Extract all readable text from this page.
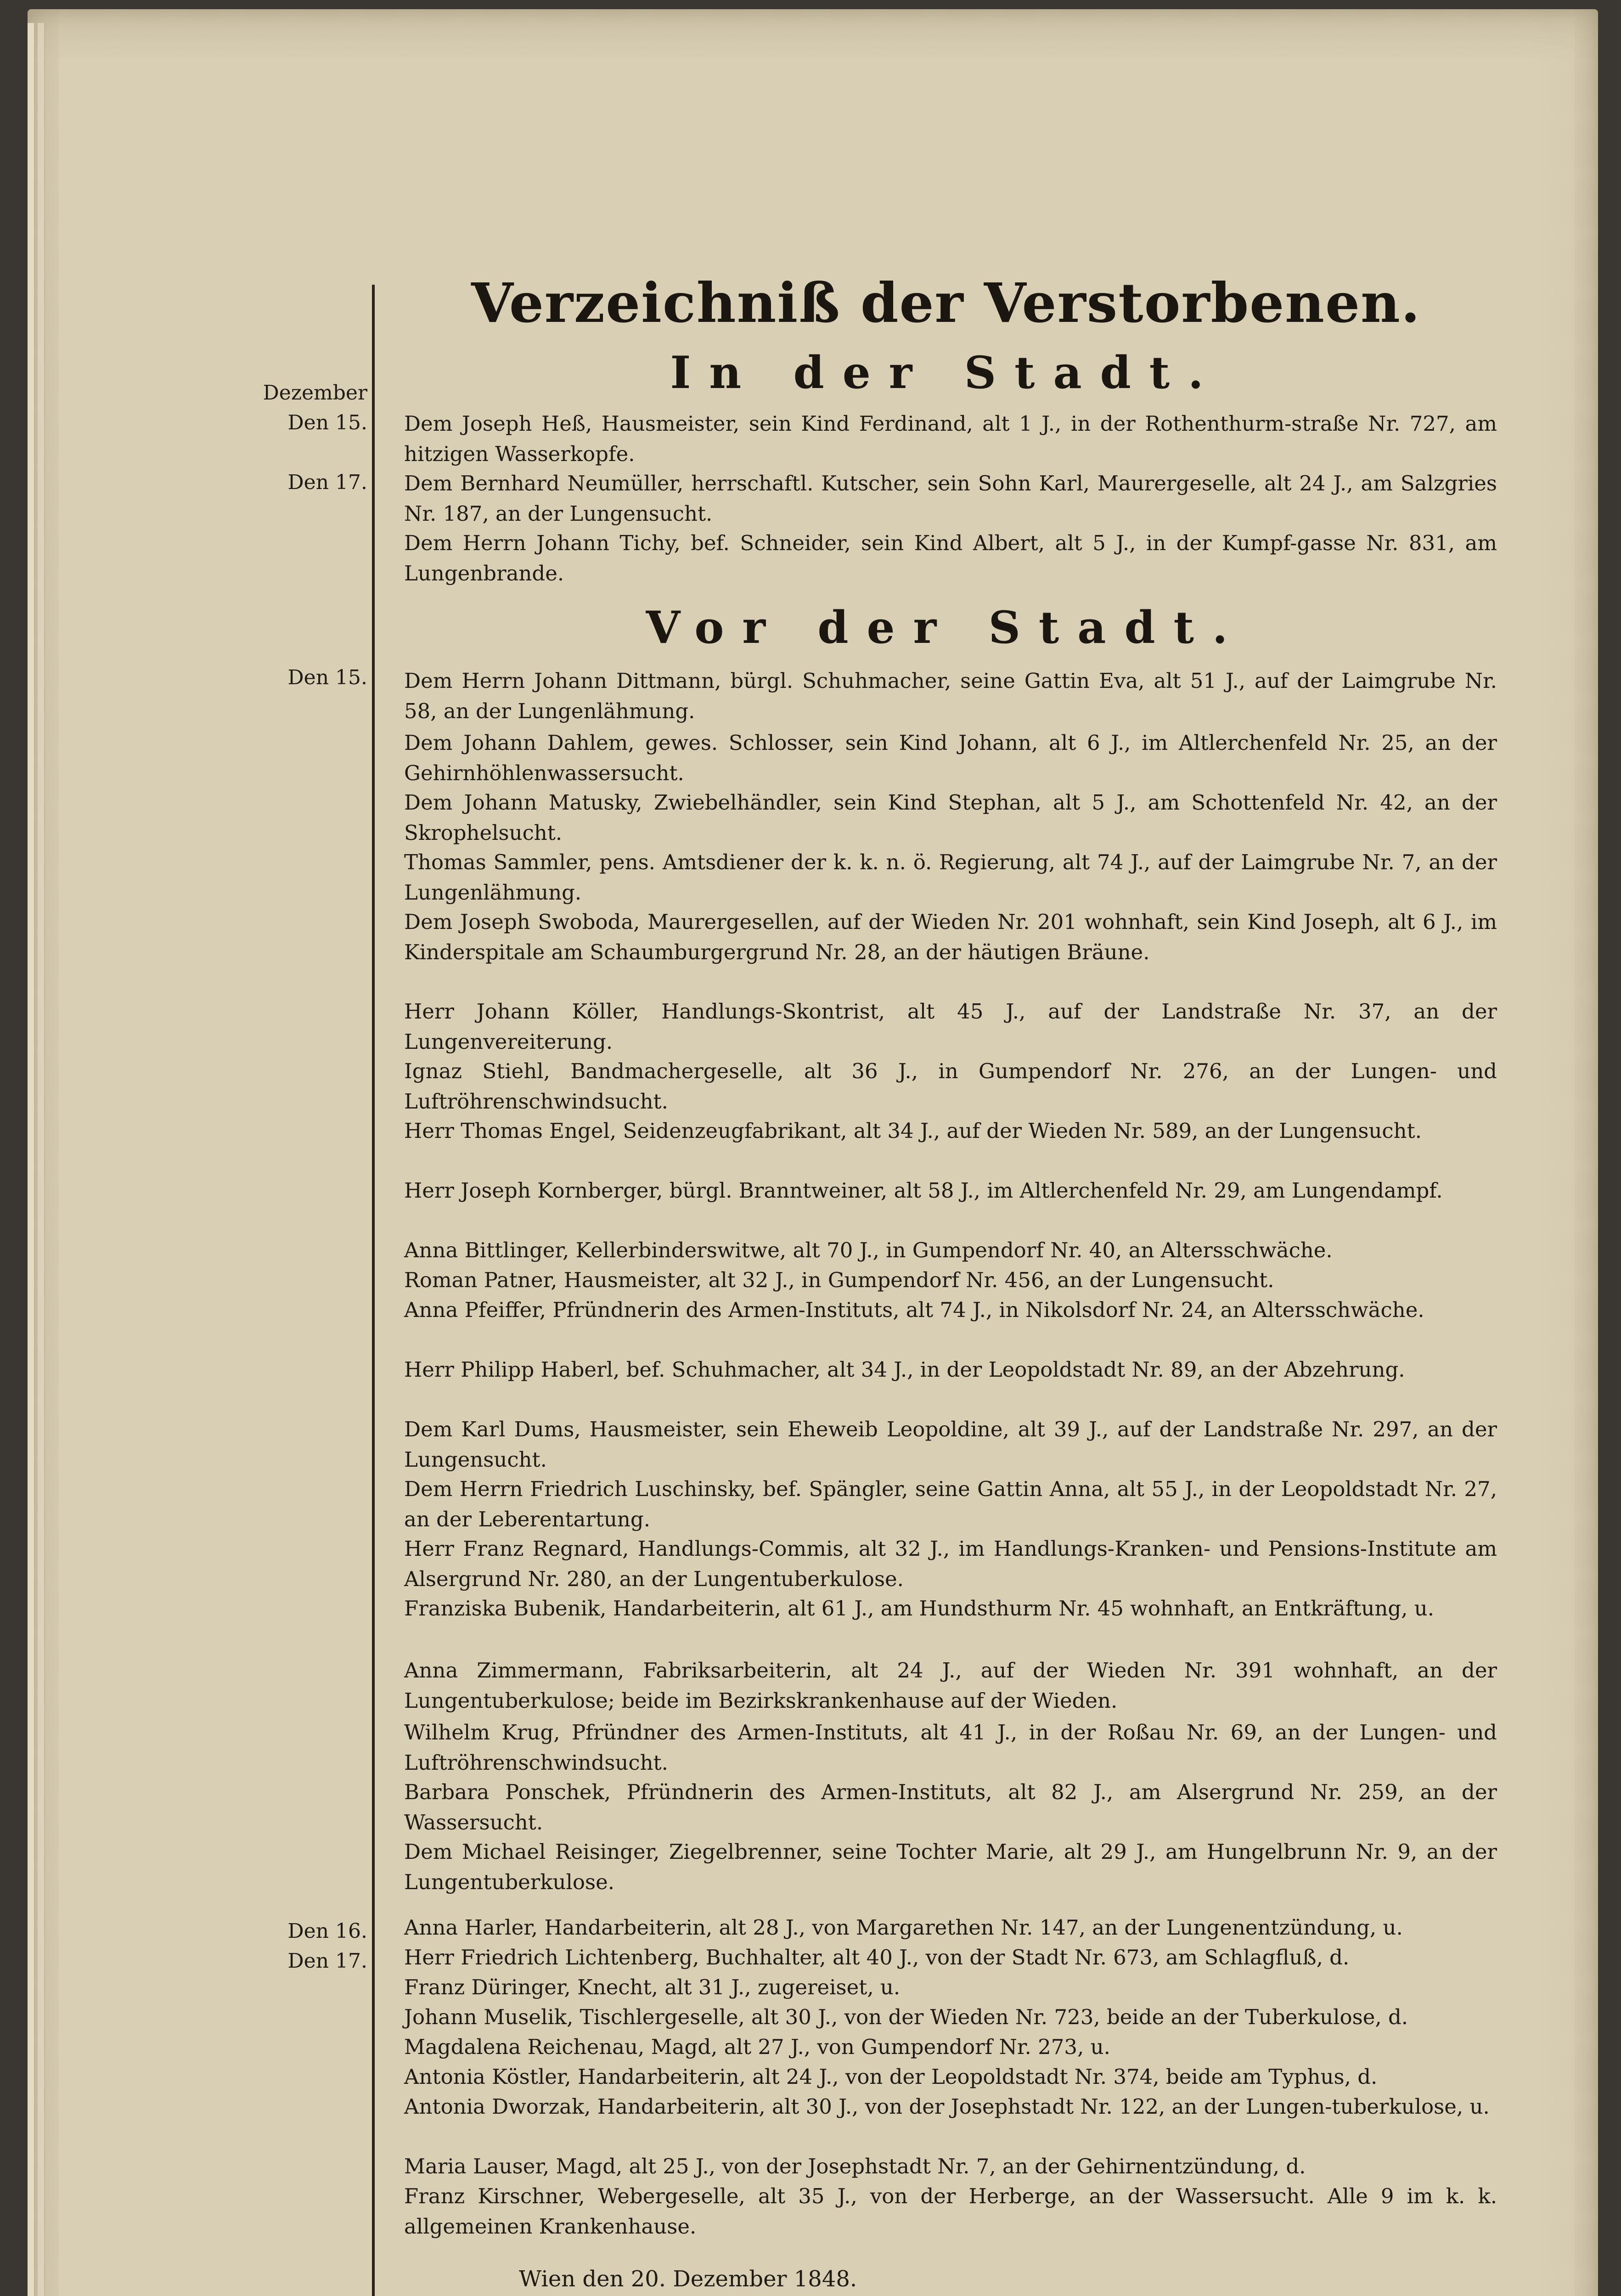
Dezember
Den 15.
Den 17.
Den 15.
Den 16.
Den 17.
Verzeichniß der Verstorbenen.
In der Stadt.
Vor der Stadt.
Dem Joseph Heß, Hausmeister, sein Kind Ferdinand, alt 1 J., in der Rothenthurm-straße Nr. 727, am hitzigen Wasserkopfe.
Dem Bernhard Neumüller, herrschaftl. Kutscher, sein Sohn Karl, Maurergeselle, alt 24 J., am Salzgries Nr. 187, an der Lungensucht.
Dem Herrn Johann Tichy, bef. Schneider, sein Kind Albert, alt 5 J., in der Kumpf-gasse Nr. 831, am Lungenbrande.
Dem Herrn Johann Dittmann, bürgl. Schuhmacher, seine Gattin Eva, alt 51 J., auf der Laimgrube Nr. 58, an der Lungenlähmung.
Dem Johann Dahlem, gewes. Schlosser, sein Kind Johann, alt 6 J., im Altlerchenfeld Nr. 25, an der Gehirnhöhlenwassersucht.
Dem Johann Matusky, Zwiebelhändler, sein Kind Stephan, alt 5 J., am Schottenfeld Nr. 42, an der Skrophelsucht.
Thomas Sammler, pens. Amtsdiener der k. k. n. ö. Regierung, alt 74 J., auf der Laimgrube Nr. 7, an der Lungenlähmung.
Dem Joseph Swoboda, Maurergesellen, auf der Wieden Nr. 201 wohnhaft, sein Kind Joseph, alt 6 J., im Kinderspitale am Schaumburgergrund Nr. 28, an der häutigen Bräune.
Herr Johann Köller, Handlungs-Skontrist, alt 45 J., auf der Landstraße Nr. 37, an der Lungenvereiterung.
Ignaz Stiehl, Bandmachergeselle, alt 36 J., in Gumpendorf Nr. 276, an der Lungen- und Luftröhrenschwindsucht.
Herr Thomas Engel, Seidenzeugfabrikant, alt 34 J., auf der Wieden Nr. 589, an der Lungensucht.
Herr Joseph Kornberger, bürgl. Branntweiner, alt 58 J., im Altlerchenfeld Nr. 29, am Lungendampf.
Anna Bittlinger, Kellerbinderswitwe, alt 70 J., in Gumpendorf Nr. 40, an Altersschwäche.
Roman Patner, Hausmeister, alt 32 J., in Gumpendorf Nr. 456, an der Lungensucht.
Anna Pfeiffer, Pfründnerin des Armen-Instituts, alt 74 J., in Nikolsdorf Nr. 24, an Altersschwäche.
Herr Philipp Haberl, bef. Schuhmacher, alt 34 J., in der Leopoldstadt Nr. 89, an der Abzehrung.
Dem Karl Dums, Hausmeister, sein Eheweib Leopoldine, alt 39 J., auf der Landstraße Nr. 297, an der Lungensucht.
Dem Herrn Friedrich Luschinsky, bef. Spängler, seine Gattin Anna, alt 55 J., in der Leopoldstadt Nr. 27, an der Leberentartung.
Herr Franz Regnard, Handlungs-Commis, alt 32 J., im Handlungs-Kranken- und Pensions-Institute am Alsergrund Nr. 280, an der Lungentuberkulose.
Franziska Bubenik, Handarbeiterin, alt 61 J., am Hundsthurm Nr. 45 wohnhaft, an Entkräftung, u.
Anna Zimmermann, Fabriksarbeiterin, alt 24 J., auf der Wieden Nr. 391 wohnhaft, an der Lungentuberkulose; beide im Bezirkskrankenhause auf der Wieden.
Wilhelm Krug, Pfründner des Armen-Instituts, alt 41 J., in der Roßau Nr. 69, an der Lungen- und Luftröhrenschwindsucht.
Barbara Ponschek, Pfründnerin des Armen-Instituts, alt 82 J., am Alsergrund Nr. 259, an der Wassersucht.
Dem Michael Reisinger, Ziegelbrenner, seine Tochter Marie, alt 29 J., am Hungelbrunn Nr. 9, an der Lungentuberkulose.
Anna Harler, Handarbeiterin, alt 28 J., von Margarethen Nr. 147, an der Lungenentzündung, u.
Herr Friedrich Lichtenberg, Buchhalter, alt 40 J., von der Stadt Nr. 673, am Schlagfluß, d.
Franz Düringer, Knecht, alt 31 J., zugereiset, u.
Johann Muselik, Tischlergeselle, alt 30 J., von der Wieden Nr. 723, beide an der Tuberkulose, d.
Magdalena Reichenau, Magd, alt 27 J., von Gumpendorf Nr. 273, u.
Antonia Köstler, Handarbeiterin, alt 24 J., von der Leopoldstadt Nr. 374, beide am Typhus, d.
Antonia Dworzak, Handarbeiterin, alt 30 J., von der Josephstadt Nr. 122, an der Lungen-tuberkulose, u.
Maria Lauser, Magd, alt 25 J., von der Josephstadt Nr. 7, an der Gehirnentzündung, d.
Franz Kirschner, Webergeselle, alt 35 J., von der Herberge, an der Wassersucht. Alle 9 im k. k. allgemeinen Krankenhause.
Wien den 20. Dezember 1848.
